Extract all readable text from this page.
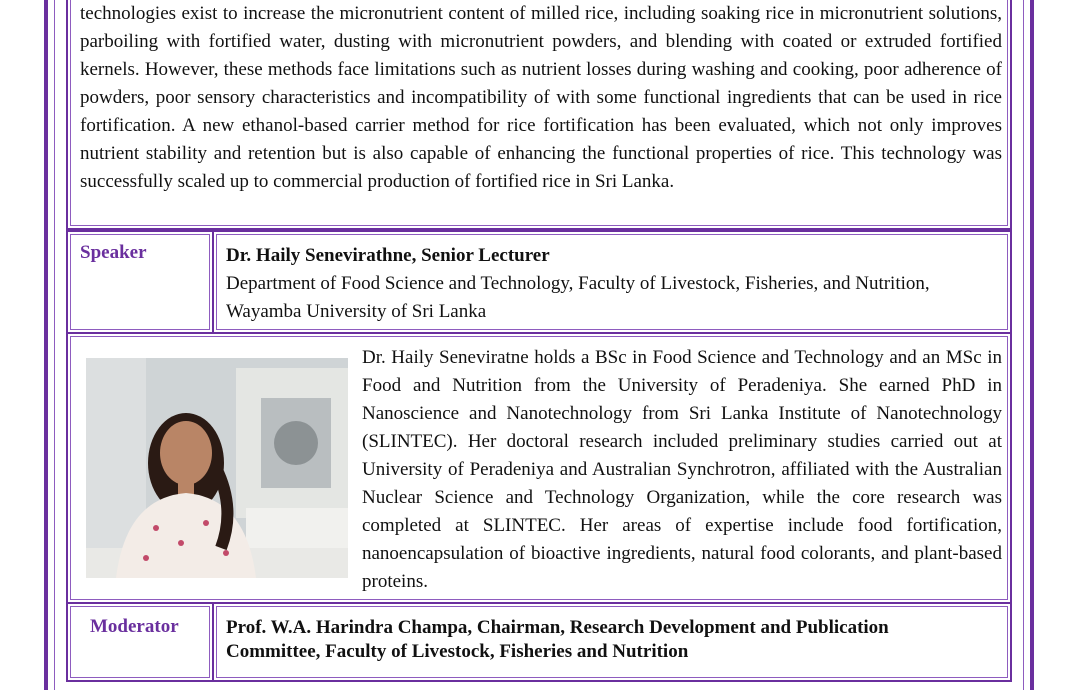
technologies exist to increase the micronutrient content of milled rice, including soaking rice in micronutrient solutions, parboiling with fortified water, dusting with micronutrient powders, and blending with coated or extruded fortified kernels. However, these methods face limitations such as nutrient losses during washing and cooking, poor adherence of powders, poor sensory characteristics and incompatibility of with some functional ingredients that can be used in rice fortification. A new ethanol-based carrier method for rice fortification has been evaluated, which not only improves nutrient stability and retention but is also capable of enhancing the functional properties of rice. This technology was successfully scaled up to commercial production of fortified rice in Sri Lanka.

Speaker	Dr. Haily Senevirathne, Senior Lecturer
Department of Food Science and Technology, Faculty of Livestock, Fisheries, and Nutrition, Wayamba University of Sri Lanka

Dr. Haily Seneviratne holds a BSc in Food Science and Technology and an MSc in Food and Nutrition from the University of Peradeniya. She earned PhD in Nanoscience and Nanotechnology from Sri Lanka Institute of Nanotechnology (SLINTEC). Her doctoral research included preliminary studies carried out at University of Peradeniya and Australian Synchrotron, affiliated with the Australian Nuclear Science and Technology Organization, while the core research was completed at SLINTEC. Her areas of expertise include food fortification, nanoencapsulation of bioactive ingredients, natural food colorants, and plant-based proteins.

Moderator Prof. W.A. Harindra Champa, Chairman, Research Development and Publication Committee, Faculty of Livestock, Fisheries and Nutrition
